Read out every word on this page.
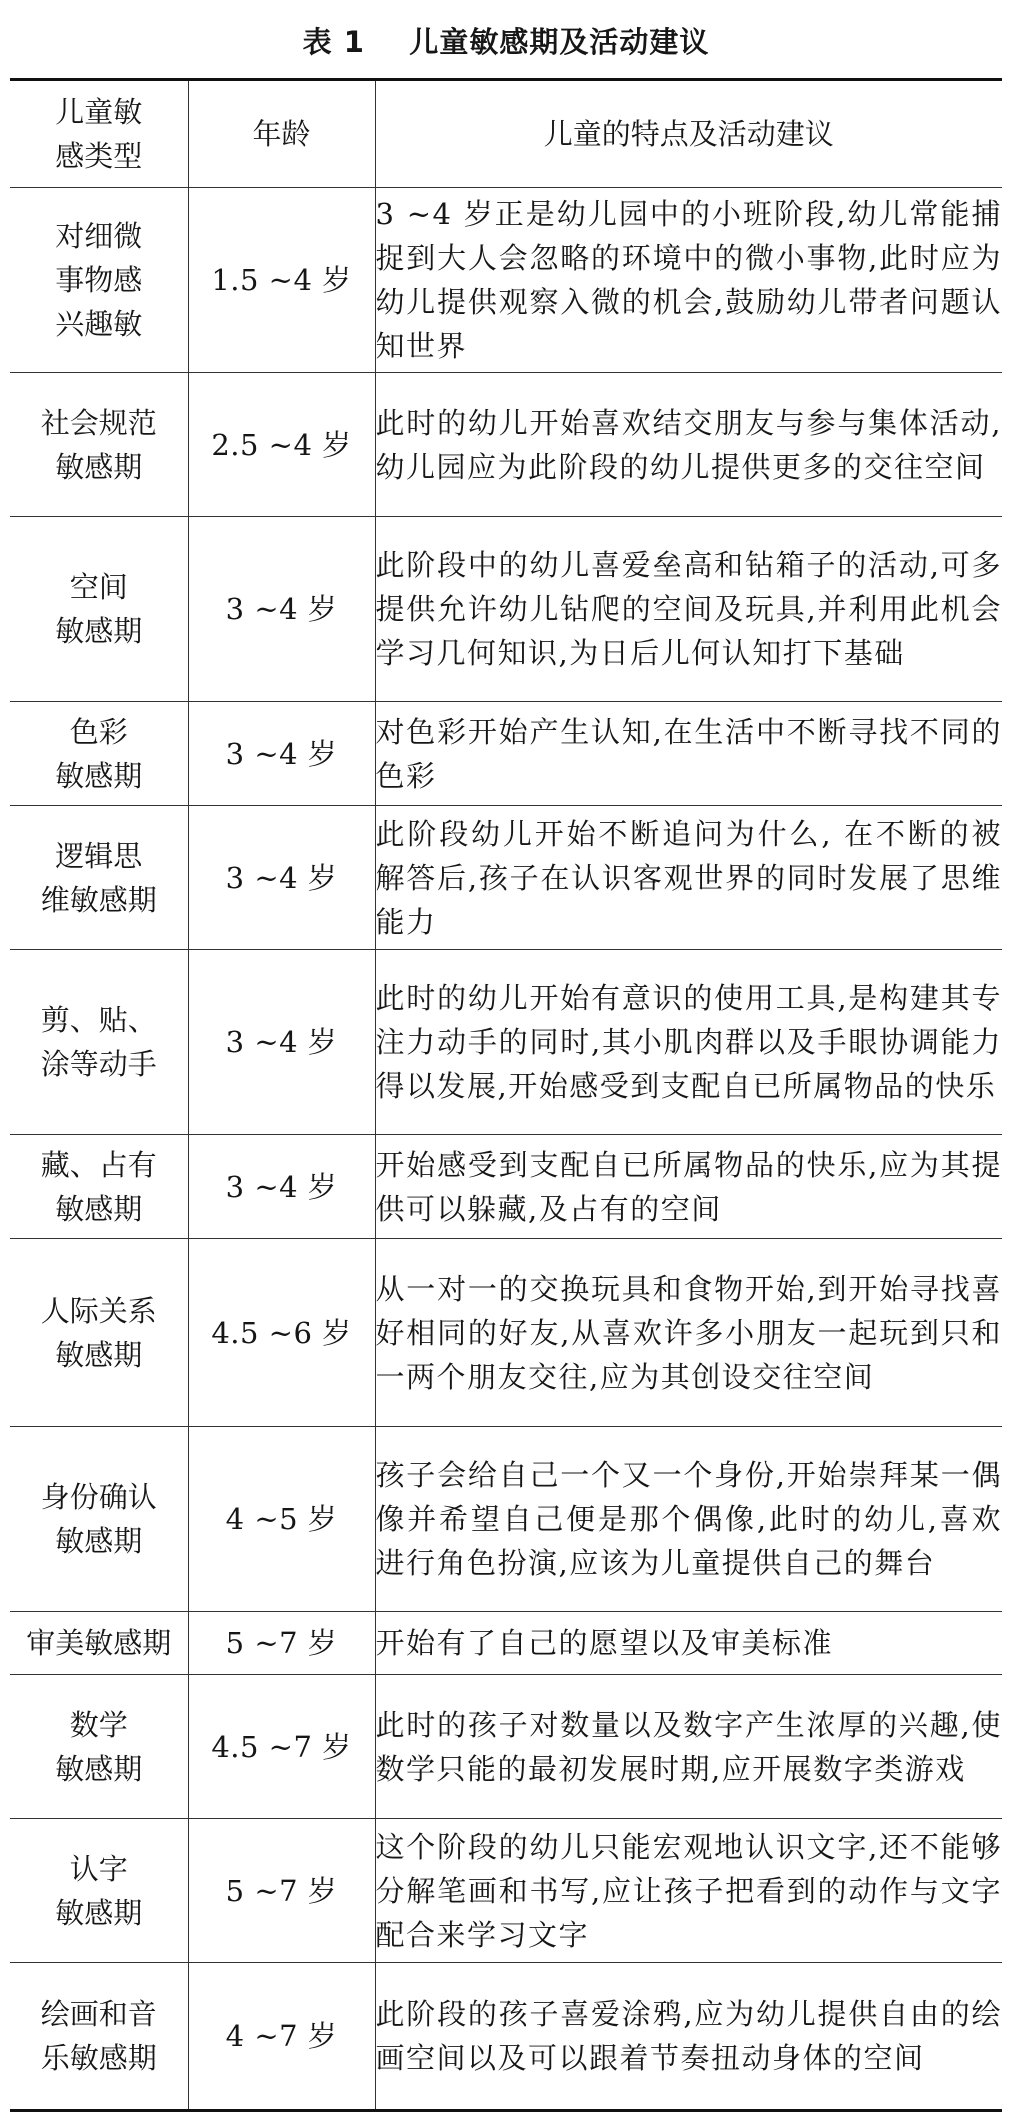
表 1    儿童敏感期及活动建议
儿童敏
感类型	年龄	儿童的特点及活动建议

对细微
事物感
兴趣敏	1.5 ~4 岁	3 ~4 岁正是幼儿园中的小班阶段,幼儿常能捕捉到大人会忽略的环境中的微小事物,此时应为幼儿提供观察入微的机会,鼓励幼儿带者问题认知世界

社会规范
敏感期	2.5 ~4 岁	此时的幼儿开始喜欢结交朋友与参与集体活动,幼儿园应为此阶段的幼儿提供更多的交往空间

空间
敏感期	3 ~4 岁	此阶段中的幼儿喜爱垒高和钻箱子的活动,可多提供允许幼儿钻爬的空间及玩具,并利用此机会学习几何知识,为日后儿何认知打下基础

色彩
敏感期	3 ~4 岁	对色彩开始产生认知,在生活中不断寻找不同的色彩

逻辑思
维敏感期	3 ~4 岁	此阶段幼儿开始不断追问为什么, 在不断的被解答后,孩子在认识客观世界的同时发展了思维能力

剪、贴、
涂等动手	3 ~4 岁	此时的幼儿开始有意识的使用工具,是构建其专注力动手的同时,其小肌肉群以及手眼协调能力得以发展,开始感受到支配自已所属物品的快乐

藏、占有
敏感期	3 ~4 岁	开始感受到支配自已所属物品的快乐,应为其提供可以躲藏,及占有的空间

人际关系
敏感期	4.5 ~6 岁	从一对一的交换玩具和食物开始,到开始寻找喜好相同的好友,从喜欢许多小朋友一起玩到只和一两个朋友交往,应为其创设交往空间

身份确认
敏感期	4 ~5 岁	孩子会给自己一个又一个身份,开始崇拜某一偶像并希望自己便是那个偶像,此时的幼儿,喜欢进行角色扮演,应该为儿童提供自己的舞台

审美敏感期	5 ~7 岁	开始有了自己的愿望以及审美标准

数学
敏感期	4.5 ~7 岁	此时的孩子对数量以及数字产生浓厚的兴趣,使数学只能的最初发展时期,应开展数字类游戏

认字
敏感期	5 ~7 岁	这个阶段的幼儿只能宏观地认识文字,还不能够分解笔画和书写,应让孩子把看到的动作与文字配合来学习文字

绘画和音
乐敏感期	4 ~7 岁	此阶段的孩子喜爱涂鸦,应为幼儿提供自由的绘画空间以及可以跟着节奏扭动身体的空间
